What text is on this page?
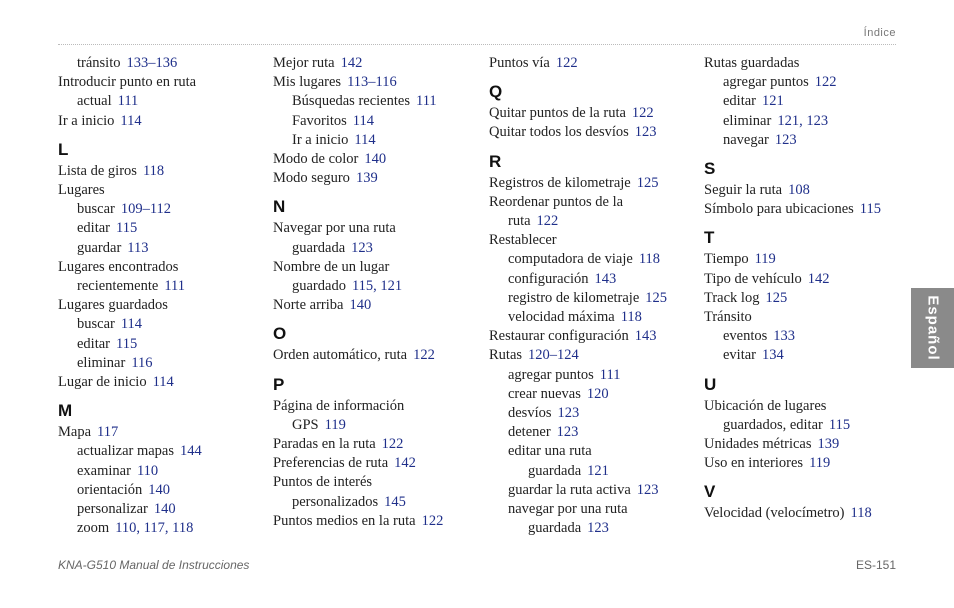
Índice
tránsito 133–136
Introducir punto en ruta
actual 111
Ir a inicio 114
L
Lista de giros 118
Lugares
buscar 109–112
editar 115
guardar 113
Lugares encontrados
recientemente 111
Lugares guardados
buscar 114
editar 115
eliminar 116
Lugar de inicio 114
M
Mapa 117
actualizar mapas 144
examinar 110
orientación 140
personalizar 140
zoom 110, 117, 118
Mejor ruta 142
Mis lugares 113–116
Búsquedas recientes 111
Favoritos 114
Ir a inicio 114
Modo de color 140
Modo seguro 139
N
Navegar por una ruta
guardada 123
Nombre de un lugar
guardado 115, 121
Norte arriba 140
O
Orden automático, ruta 122
P
Página de información
GPS 119
Paradas en la ruta 122
Preferencias de ruta 142
Puntos de interés
personalizados 145
Puntos medios en la ruta 122
Puntos vía 122
Q
Quitar puntos de la ruta 122
Quitar todos los desvíos 123
R
Registros de kilometraje 125
Reordenar puntos de la
ruta 122
Restablecer
computadora de viaje 118
configuración 143
registro de kilometraje 125
velocidad máxima 118
Restaurar configuración 143
Rutas 120–124
agregar puntos 111
crear nuevas 120
desvíos 123
detener 123
editar una ruta
guardada 121
guardar la ruta activa 123
navegar por una ruta
guardada 123
Rutas guardadas
agregar puntos 122
editar 121
eliminar 121, 123
navegar 123
S
Seguir la ruta 108
Símbolo para ubicaciones 115
T
Tiempo 119
Tipo de vehículo 142
Track log 125
Tránsito
eventos 133
evitar 134
U
Ubicación de lugares
guardados, editar 115
Unidades métricas 139
Uso en interiores 119
V
Velocidad (velocímetro) 118
Español
KNA-G510 Manual de Instrucciones	ES-151
